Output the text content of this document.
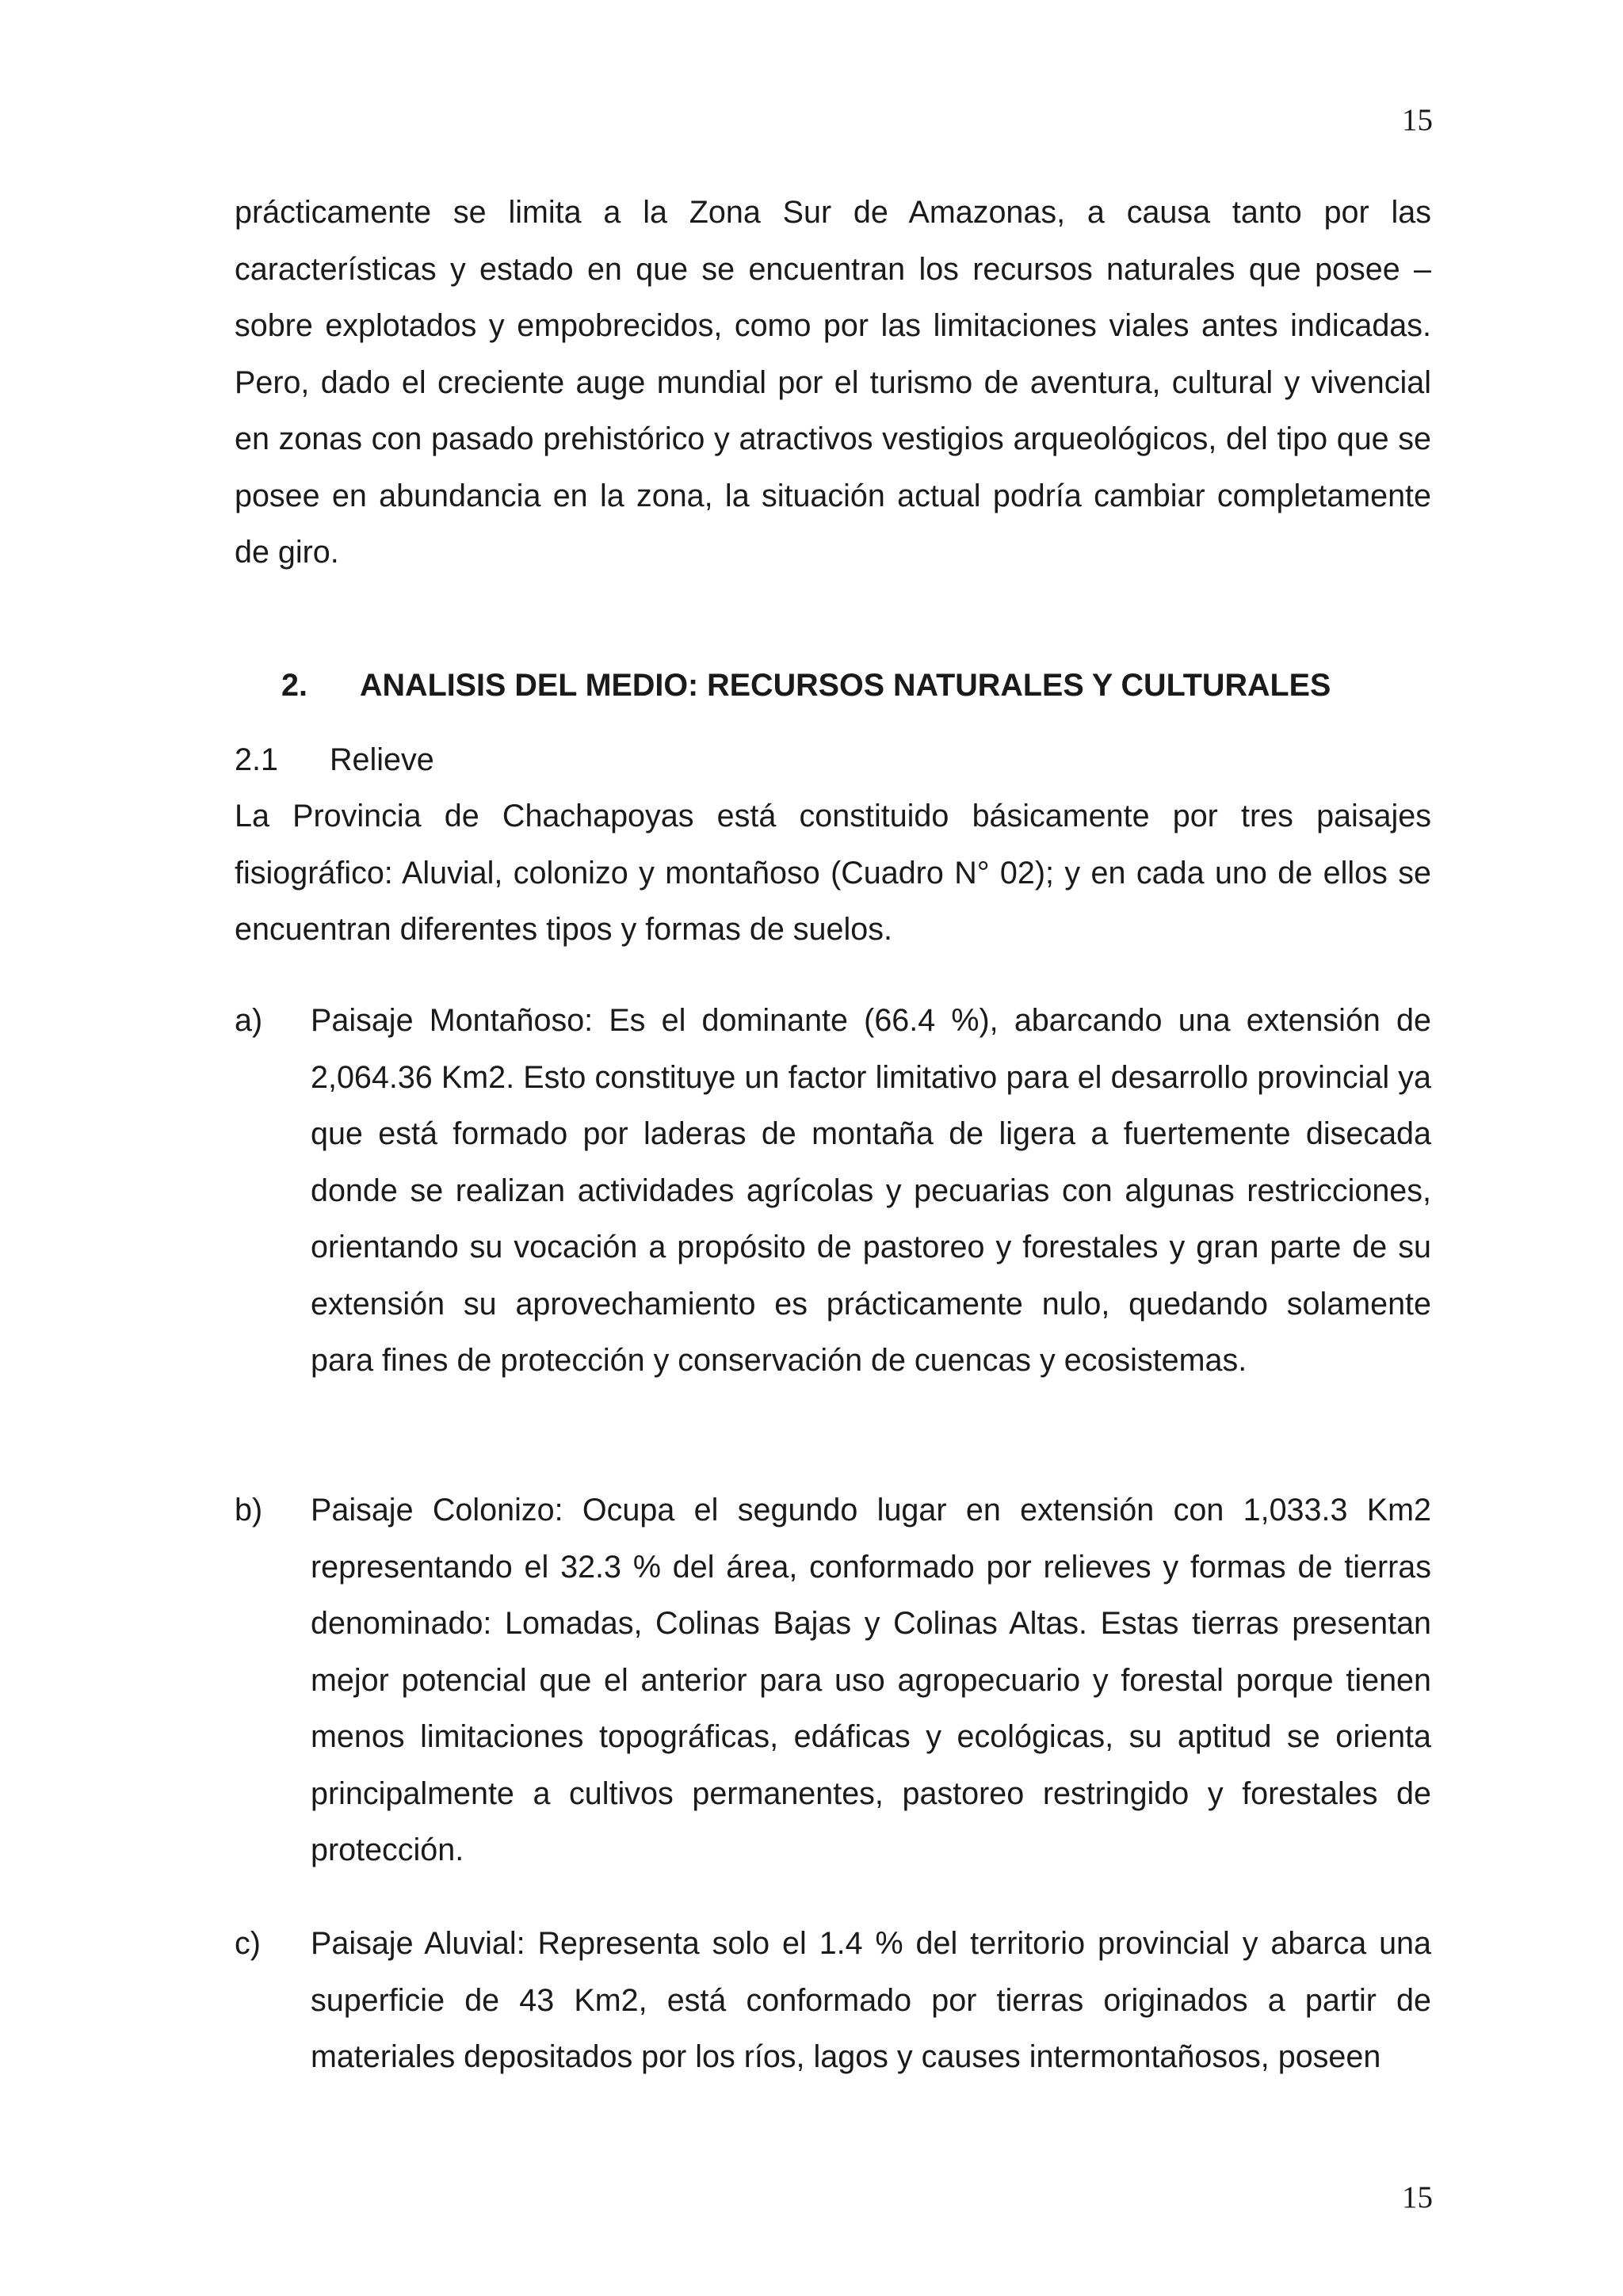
15

prácticamente se limita a la Zona Sur de Amazonas, a causa tanto por las características y estado en que se encuentran los recursos naturales que posee – sobre explotados y empobrecidos, como por las limitaciones viales antes indicadas. Pero, dado el creciente auge mundial por el turismo de aventura, cultural y vivencial en zonas con pasado prehistórico y atractivos vestigios arqueológicos, del tipo que se posee en abundancia en la zona, la situación actual podría cambiar completamente de giro.

2. ANALISIS DEL MEDIO: RECURSOS NATURALES Y CULTURALES
2.1 Relieve

La Provincia de Chachapoyas está constituido básicamente por tres paisajes fisiográfico: Aluvial, colonizo y montañoso (Cuadro N° 02); y en cada uno de ellos se encuentran diferentes tipos y formas de suelos.

a) Paisaje Montañoso: Es el dominante (66.4 %), abarcando una extensión de 2,064.36 Km2. Esto constituye un factor limitativo para el desarrollo provincial ya que está formado por laderas de montaña de ligera a fuertemente disecada donde se realizan actividades agrícolas y pecuarias con algunas restricciones, orientando su vocación a propósito de pastoreo y forestales y gran parte de su extensión su aprovechamiento es prácticamente nulo, quedando solamente para fines de protección y conservación de cuencas y ecosistemas.
b) Paisaje Colonizo: Ocupa el segundo lugar en extensión con 1,033.3 Km2 representando el 32.3 % del área, conformado por relieves y formas de tierras denominado: Lomadas, Colinas Bajas y Colinas Altas. Estas tierras presentan mejor potencial que el anterior para uso agropecuario y forestal porque tienen menos limitaciones topográficas, edáficas y ecológicas, su aptitud se orienta principalmente a cultivos permanentes, pastoreo restringido y forestales de protección.
c) Paisaje Aluvial: Representa solo el 1.4 % del territorio provincial y abarca una superficie de 43 Km2, está conformado por tierras originados a partir de materiales depositados por los ríos, lagos y causes intermontañosos, poseen
15
